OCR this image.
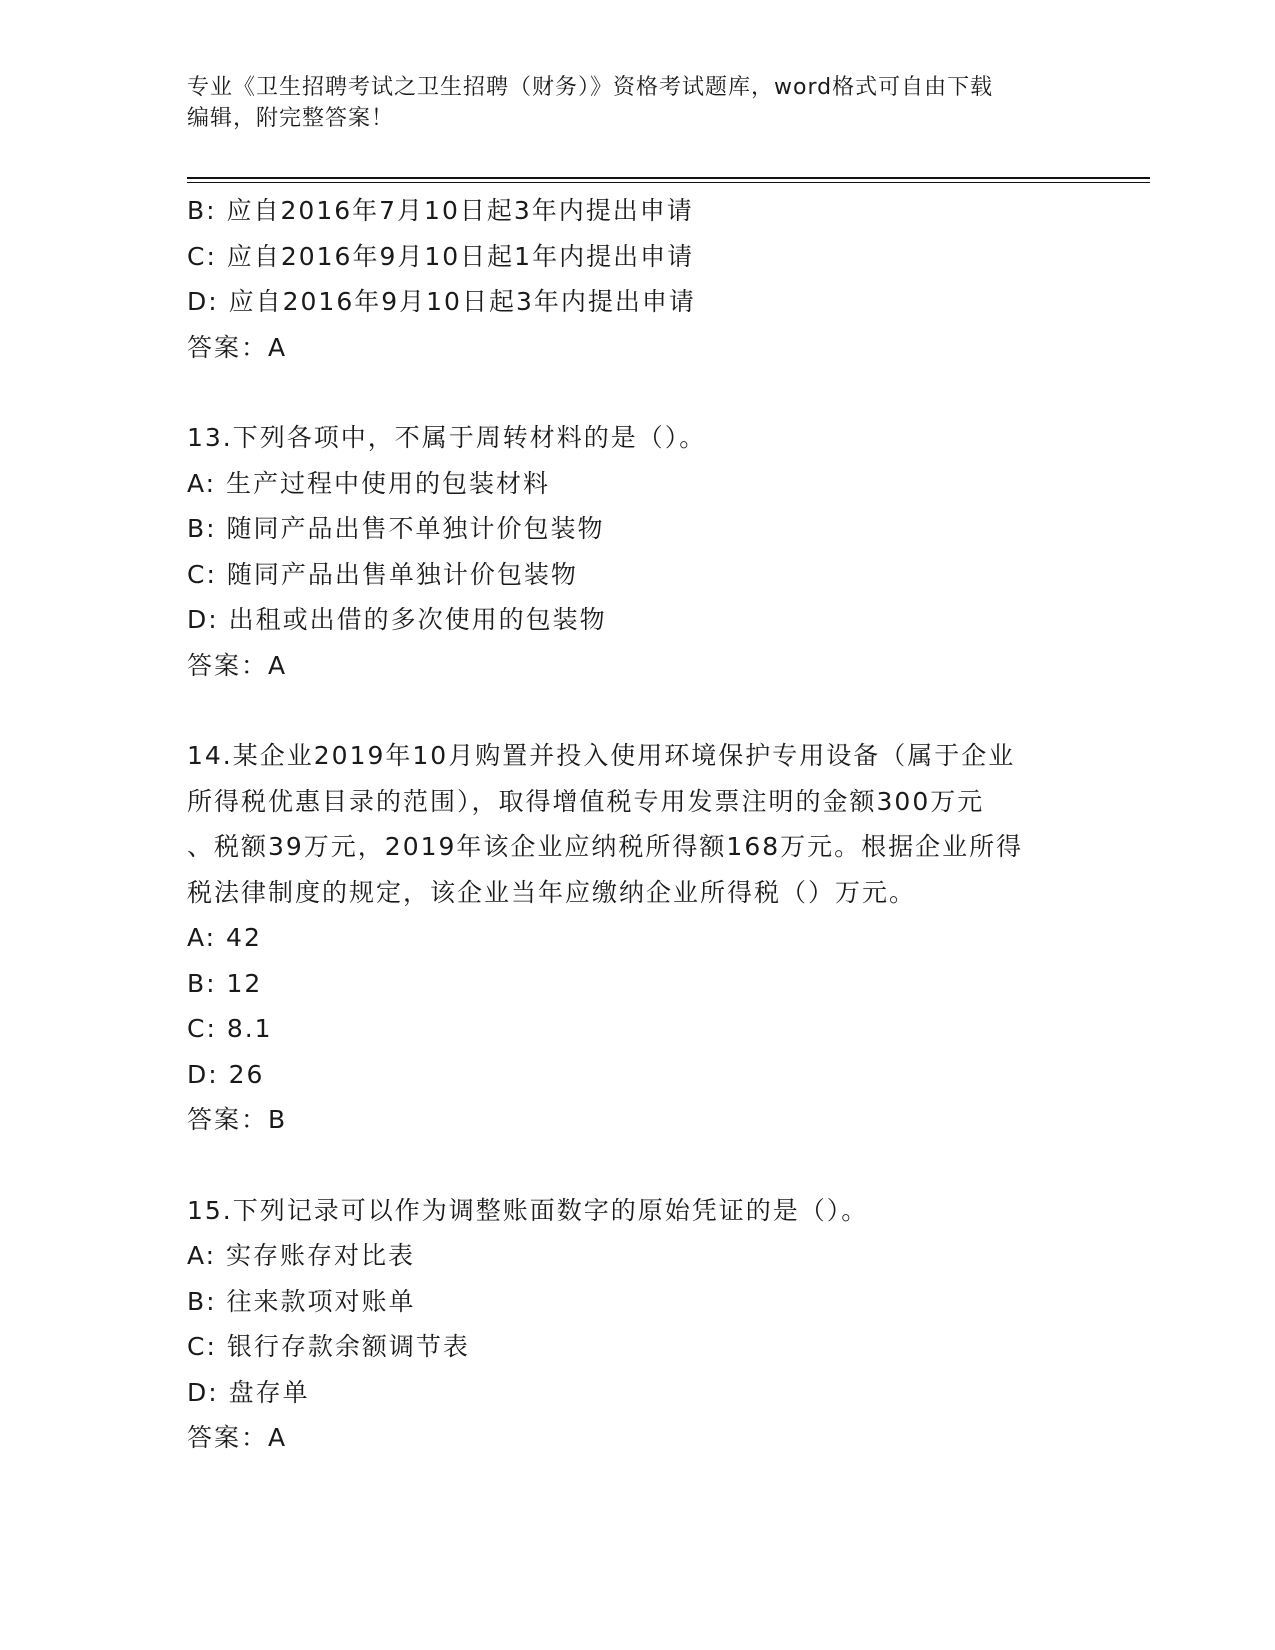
专业《卫生招聘考试之卫生招聘（财务）》资格考试题库，word格式可自由下载
编辑，附完整答案！
B: 应自2016年7月10日起3年内提出申请
C: 应自2016年9月10日起1年内提出申请
D: 应自2016年9月10日起3年内提出申请
答案：A
13.下列各项中，不属于周转材料的是（）。
A: 生产过程中使用的包装材料
B: 随同产品出售不单独计价包装物
C: 随同产品出售单独计价包装物
D: 出租或出借的多次使用的包装物
答案：A
14.某企业2019年10月购置并投入使用环境保护专用设备（属于企业
所得税优惠目录的范围），取得增值税专用发票注明的金额300万元
、税额39万元，2019年该企业应纳税所得额168万元。根据企业所得
税法律制度的规定，该企业当年应缴纳企业所得税（）万元。
A: 42
B: 12
C: 8.1
D: 26
答案：B
15.下列记录可以作为调整账面数字的原始凭证的是（）。
A: 实存账存对比表
B: 往来款项对账单
C: 银行存款余额调节表
D: 盘存单
答案：A
